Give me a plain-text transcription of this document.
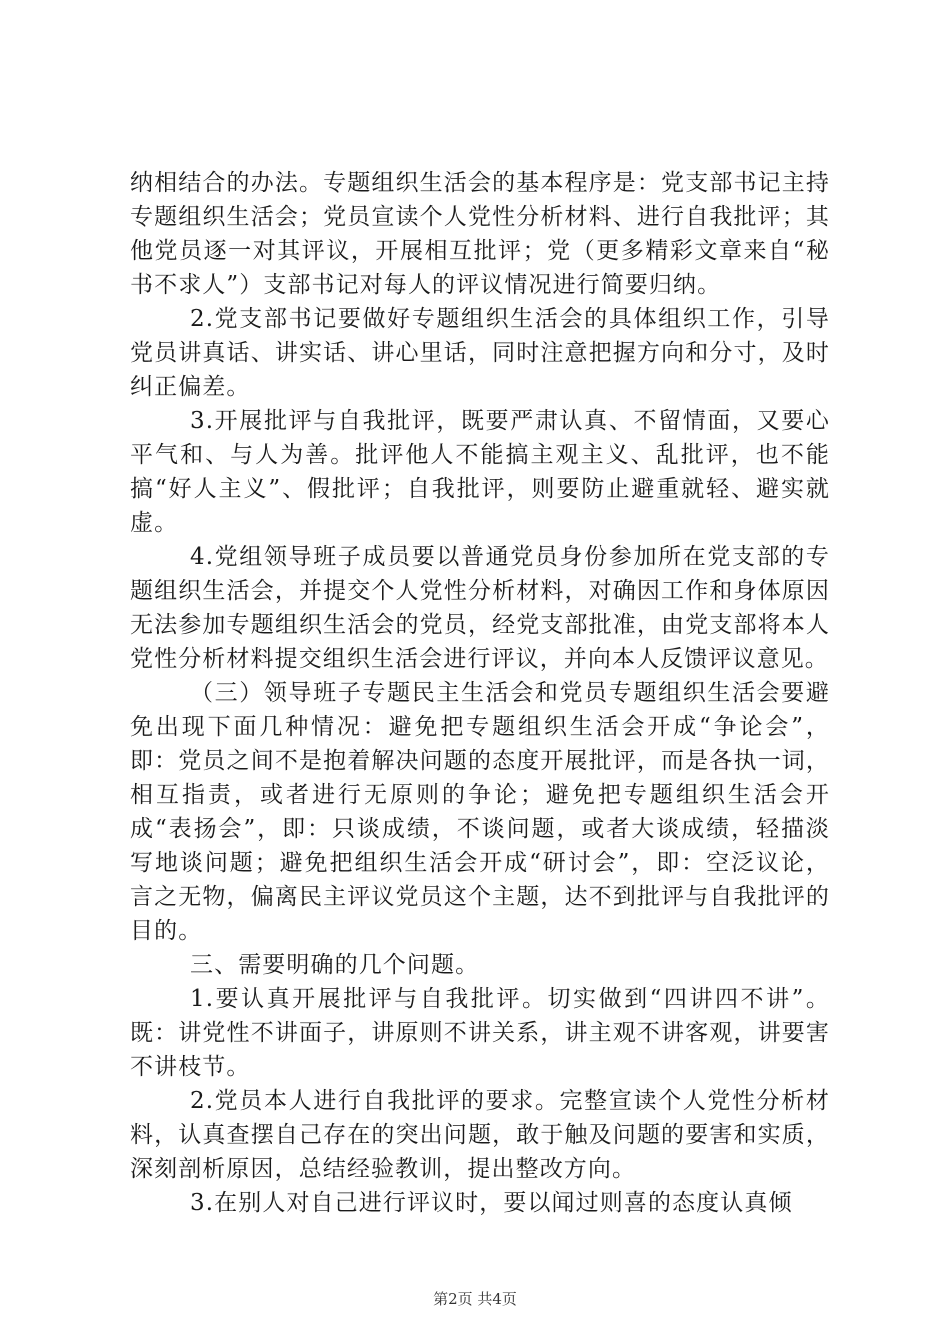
纳相结合的办法。专题组织生活会的基本程序是：党支部书记主持专题组织生活会；党员宣读个人党性分析材料、进行自我批评；其他党员逐一对其评议，开展相互批评；党（更多精彩文章来自“秘书不求人”）支部书记对每人的评议情况进行简要归纳。

2.党支部书记要做好专题组织生活会的具体组织工作，引导党员讲真话、讲实话、讲心里话，同时注意把握方向和分寸，及时纠正偏差。

3.开展批评与自我批评，既要严肃认真、不留情面，又要心平气和、与人为善。批评他人不能搞主观主义、乱批评，也不能搞“好人主义”、假批评；自我批评，则要防止避重就轻、避实就虚。

4.党组领导班子成员要以普通党员身份参加所在党支部的专题组织生活会，并提交个人党性分析材料，对确因工作和身体原因无法参加专题组织生活会的党员，经党支部批准，由党支部将本人党性分析材料提交组织生活会进行评议，并向本人反馈评议意见。

（三）领导班子专题民主生活会和党员专题组织生活会要避免出现下面几种情况：避免把专题组织生活会开成“争论会”，即：党员之间不是抱着解决问题的态度开展批评，而是各执一词，相互指责，或者进行无原则的争论；避免把专题组织生活会开成“表扬会”，即：只谈成绩，不谈问题，或者大谈成绩，轻描淡写地谈问题；避免把组织生活会开成“研讨会”，即：空泛议论，言之无物，偏离民主评议党员这个主题，达不到批评与自我批评的目的。

三、需要明确的几个问题。

1.要认真开展批评与自我批评。切实做到“四讲四不讲”。既：讲党性不讲面子，讲原则不讲关系，讲主观不讲客观，讲要害不讲枝节。

2.党员本人进行自我批评的要求。完整宣读个人党性分析材料，认真查摆自己存在的突出问题，敢于触及问题的要害和实质，深刻剖析原因，总结经验教训，提出整改方向。

3.在别人对自己进行评议时，要以闻过则喜的态度认真倾

第2页 共4页
